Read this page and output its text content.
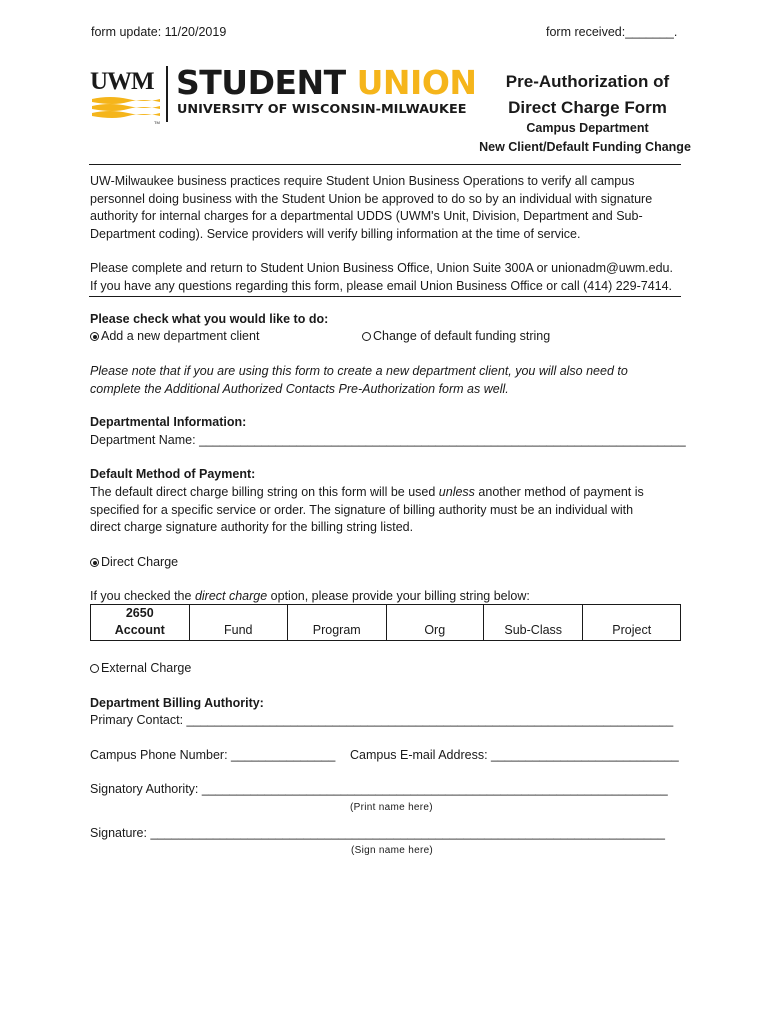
form update: 11/20/2019	form received:_______.
UWM
TM
STUDENT UNION
UNIVERSITY OF WISCONSIN-MILWAUKEE
Pre-Authorization of
Direct Charge Form
Campus Department
New Client/Default Funding Change
UW-Milwaukee business practices require Student Union Business Operations to verify all campus
personnel doing business with the Student Union be approved to do so by an individual with signature
authority for internal charges for a departmental UDDS (UWM's Unit, Division, Department and Sub-
Department coding). Service providers will verify billing information at the time of service.
Please complete and return to Student Union Business Office, Union Suite 300A or unionadm@uwm.edu.
If you have any questions regarding this form, please email Union Business Office or call (414) 229-7414.
Please check what you would like to do:
Add a new department client	Change of default funding string
Please note that if you are using this form to create a new department client, you will also need to
complete the Additional Authorized Contacts Pre-Authorization form as well.
Departmental Information:
Department Name: ______________________________________________________________________
Default Method of Payment:
The default direct charge billing string on this form will be used unless another method of payment is
specified for a specific service or order. The signature of billing authority must be an individual with
direct charge signature authority for the billing string listed.
Direct Charge
If you checked the direct charge option, please provide your billing string below:
2650
Account	Fund	Program	Org	Sub-Class	Project
External Charge
Department Billing Authority:
Primary Contact: ______________________________________________________________________
Campus Phone Number: _______________ Campus E-mail Address: ___________________________
Signatory Authority: ___________________________________________________________________
(Print name here)
Signature: __________________________________________________________________________
(Sign name here)
